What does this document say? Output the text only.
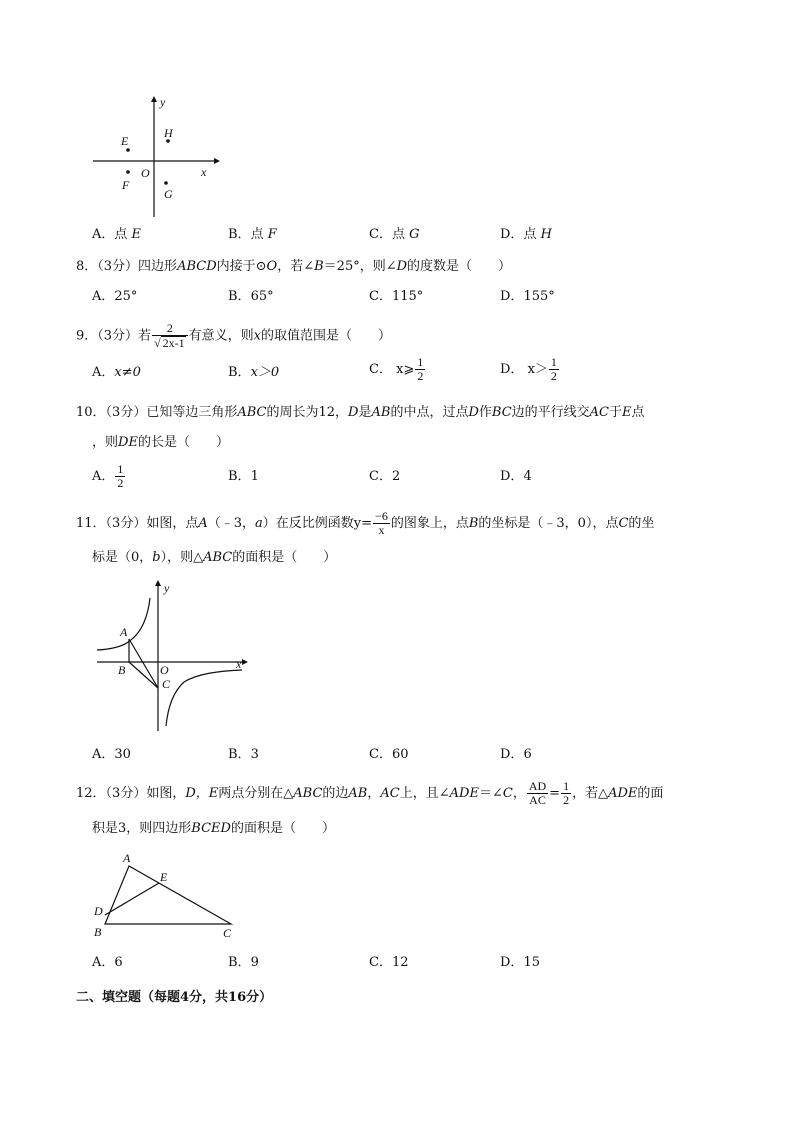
y
x
O
E
H
F
G
A．点 E	B．点 F	C．点 G	D．点 H
8．（3分）四边形ABCD内接于⊙O，若∠B＝25°，则∠D的度数是（　　）
A．25°	B．65°	C．115°	D．155°
9．（3分）若 $\frac{2}{√ 2x-1}$ 有意义，则x的取值范围是（　　）
A．x≠0	B．x＞0	C． x⩾ $\frac{1}{2}$	D． $x> \frac{1}{2}$
10．（3分）已知等边三角形ABC的周长为12，D是AB的中点，过点D作BC边的平行线交AC于E点
，则DE的长是（　　）
A． $\frac{1}{2}$	B．1	C．2	D．4
11．（3分）如图，点A（﹣3，a）在反比例函数$y= \frac{-6}{x}$ 的图象上，点B的坐标是（﹣3，0），点C的坐
标是（0，b），则△ABC的面积是（　　）
y
x
O
A
B
C
A．30	B．3	C．60	D．6
12．（3分）如图，D，E两点分别在△ABC的边AB，AC上，且∠ADE＝∠C， $\frac{AD}{AC} = \frac{1}{2}$ ，若△ADE的面
积是3，则四边形BCED的面积是（　　）
A
E
D
B	C
A．6	B．9	C．12	D．15
二、填空题（每题4分，共16分）
